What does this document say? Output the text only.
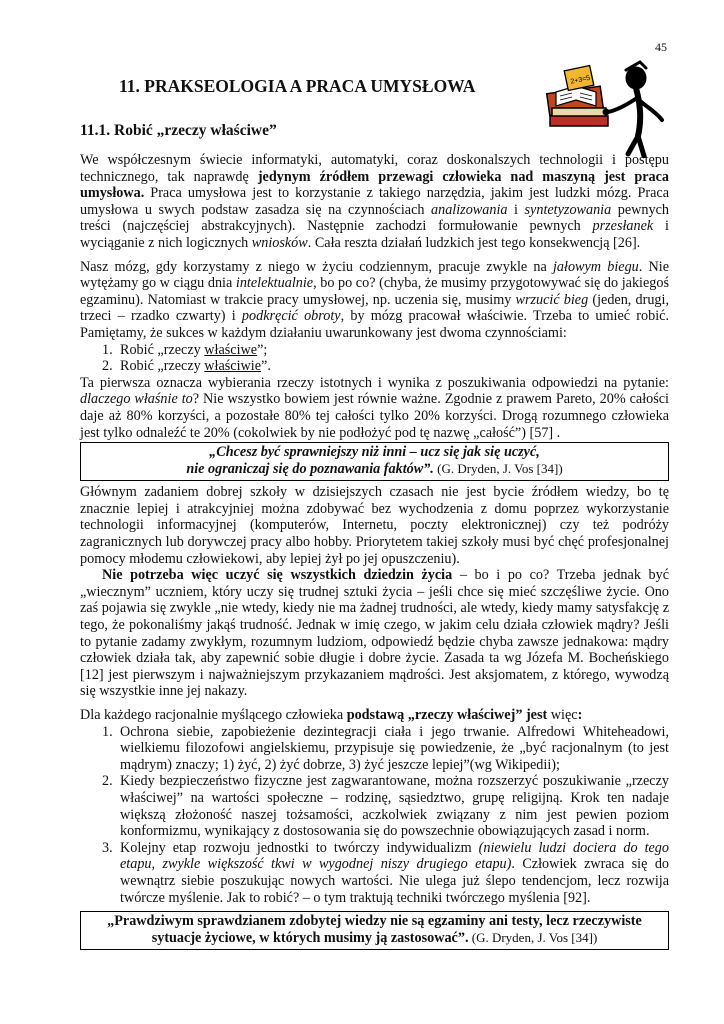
45
11. PRAKSEOLOGIA A PRACA UMYSŁOWA
11.1. Robić „rzeczy właściwe”
2+3=5

We współczesnym świecie informatyki, automatyki, coraz doskonalszych technologii i postępu technicznego, tak naprawdę jedynym źródłem przewagi człowieka nad maszyną jest praca umysłowa. Praca umysłowa jest to korzystanie z takiego narzędzia, jakim jest ludzki mózg. Praca umysłowa u swych podstaw zasadza się na czynnościach analizowania i syntetyzowania pewnych treści (najczęściej abstrakcyjnych). Następnie zachodzi formułowanie pewnych przesłanek i wyciąganie z nich logicznych wniosków. Cała reszta działań ludzkich jest tego konsekwencją [26].

Nasz mózg, gdy korzystamy z niego w życiu codziennym, pracuje zwykle na jałowym biegu. Nie wytężamy go w ciągu dnia intelektualnie, bo po co? (chyba, że musimy przygotowywać się do jakiegoś egzaminu). Natomiast w trakcie pracy umysłowej, np. uczenia się, musimy wrzucić bieg (jeden, drugi, trzeci – rzadko czwarty) i podkręcić obroty, by mózg pracował właściwie. Trzeba to umieć robić. Pamiętamy, że sukces w każdym działaniu uwarunkowany jest dwoma czynnościami:

1. Robić „rzeczy właściwe”;
2. Robić „rzeczy właściwie”.

Ta pierwsza oznacza wybierania rzeczy istotnych i wynika z poszukiwania odpowiedzi na pytanie: dlaczego właśnie to? Nie wszystko bowiem jest równie ważne. Zgodnie z prawem Pareto, 20% całości daje aż 80% korzyści, a pozostałe 80% tej całości tylko 20% korzyści. Drogą rozumnego człowieka jest tylko odnaleźć te 20% (cokolwiek by nie podłożyć pod tę nazwę „całość”) [57] .

„Chcesz być sprawniejszy niż inni – ucz się jak się uczyć,
nie ograniczaj się do poznawania faktów”. (G. Dryden, J. Vos [34])

Głównym zadaniem dobrej szkoły w dzisiejszych czasach nie jest bycie źródłem wiedzy, bo tę znacznie lepiej i atrakcyjniej można zdobywać bez wychodzenia z domu poprzez wykorzystanie technologii informacyjnej (komputerów, Internetu, poczty elektronicznej) czy też podróży zagranicznych lub dorywczej pracy albo hobby. Priorytetem takiej szkoły musi być chęć profesjonalnej pomocy młodemu człowiekowi, aby lepiej żył po jej opuszczeniu).

Nie potrzeba więc uczyć się wszystkich dziedzin życia – bo i po co? Trzeba jednak być „wiecznym” uczniem, który uczy się trudnej sztuki życia – jeśli chce się mieć szczęśliwe życie. Ono zaś pojawia się zwykle „nie wtedy, kiedy nie ma żadnej trudności, ale wtedy, kiedy mamy satysfakcję z tego, że pokonaliśmy jakąś trudność. Jednak w imię czego, w jakim celu działa człowiek mądry? Jeśli to pytanie zadamy zwykłym, rozumnym ludziom, odpowiedź będzie chyba zawsze jednakowa: mądry człowiek działa tak, aby zapewnić sobie długie i dobre życie. Zasada ta wg Józefa M. Bocheńskiego [12] jest pierwszym i najważniejszym przykazaniem mądrości. Jest aksjomatem, z którego, wywodzą się wszystkie inne jej nakazy.

Dla każdego racjonalnie myślącego człowieka podstawą „rzeczy właściwej” jest więc:

1. Ochrona siebie, zapobieżenie dezintegracji ciała i jego trwanie. Alfredowi Whiteheadowi, wielkiemu filozofowi angielskiemu, przypisuje się powiedzenie, że „być racjonalnym (to jest mądrym) znaczy; 1) żyć, 2) żyć dobrze, 3) żyć jeszcze lepiej”(wg Wikipedii);
2. Kiedy bezpieczeństwo fizyczne jest zagwarantowane, można rozszerzyć poszukiwanie „rzeczy właściwej” na wartości społeczne – rodzinę, sąsiedztwo, grupę religijną. Krok ten nadaje większą złożoność naszej tożsamości, aczkolwiek związany z nim jest pewien poziom konformizmu, wynikający z dostosowania się do powszechnie obowiązujących zasad i norm.
3. Kolejny etap rozwoju jednostki to twórczy indywidualizm (niewielu ludzi dociera do tego etapu, zwykle większość tkwi w wygodnej niszy drugiego etapu). Człowiek zwraca się do wewnątrz siebie poszukując nowych wartości. Nie ulega już ślepo tendencjom, lecz rozwija twórcze myślenie. Jak to robić? – o tym traktują techniki twórczego myślenia [92].
„Prawdziwym sprawdzianem zdobytej wiedzy nie są egzaminy ani testy, lecz rzeczywiste
sytuacje życiowe, w których musimy ją zastosować”. (G. Dryden, J. Vos [34])
